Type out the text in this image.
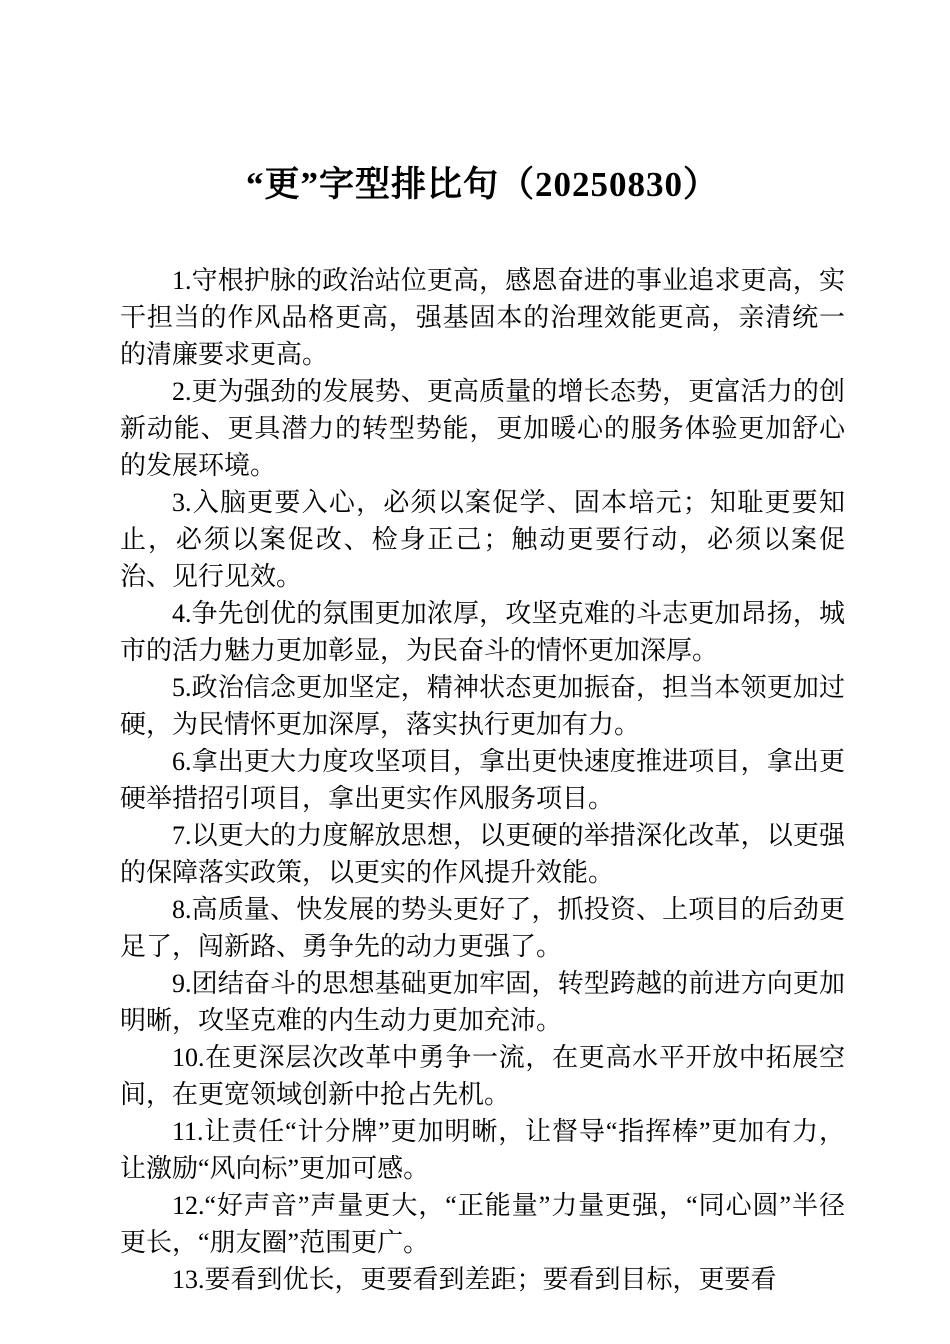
“更”字型排比句（20250830）

1.守根护脉的政治站位更高，感恩奋进的事业追求更高，实干担当的作风品格更高，强基固本的治理效能更高，亲清统一的清廉要求更高。

2.更为强劲的发展势、更高质量的增长态势，更富活力的创新动能、更具潜力的转型势能，更加暖心的服务体验更加舒心的发展环境。

3.入脑更要入心，必须以案促学、固本培元；知耻更要知止，必须以案促改、检身正己；触动更要行动，必须以案促治、见行见效。

4.争先创优的氛围更加浓厚，攻坚克难的斗志更加昂扬，城市的活力魅力更加彰显，为民奋斗的情怀更加深厚。

5.政治信念更加坚定，精神状态更加振奋，担当本领更加过硬，为民情怀更加深厚，落实执行更加有力。

6.拿出更大力度攻坚项目，拿出更快速度推进项目，拿出更硬举措招引项目，拿出更实作风服务项目。

7.以更大的力度解放思想，以更硬的举措深化改革，以更强的保障落实政策，以更实的作风提升效能。

8.高质量、快发展的势头更好了，抓投资、上项目的后劲更足了，闯新路、勇争先的动力更强了。

9.团结奋斗的思想基础更加牢固，转型跨越的前进方向更加明晰，攻坚克难的内生动力更加充沛。

10.在更深层次改革中勇争一流，在更高水平开放中拓展空间，在更宽领域创新中抢占先机。

11.让责任“计分牌”更加明晰，让督导“指挥棒”更加有力，让激励“风向标”更加可感。

12.“好声音”声量更大，“正能量”力量更强，“同心圆”半径更长，“朋友圈”范围更广。

13.要看到优长，更要看到差距；要看到目标，更要看
